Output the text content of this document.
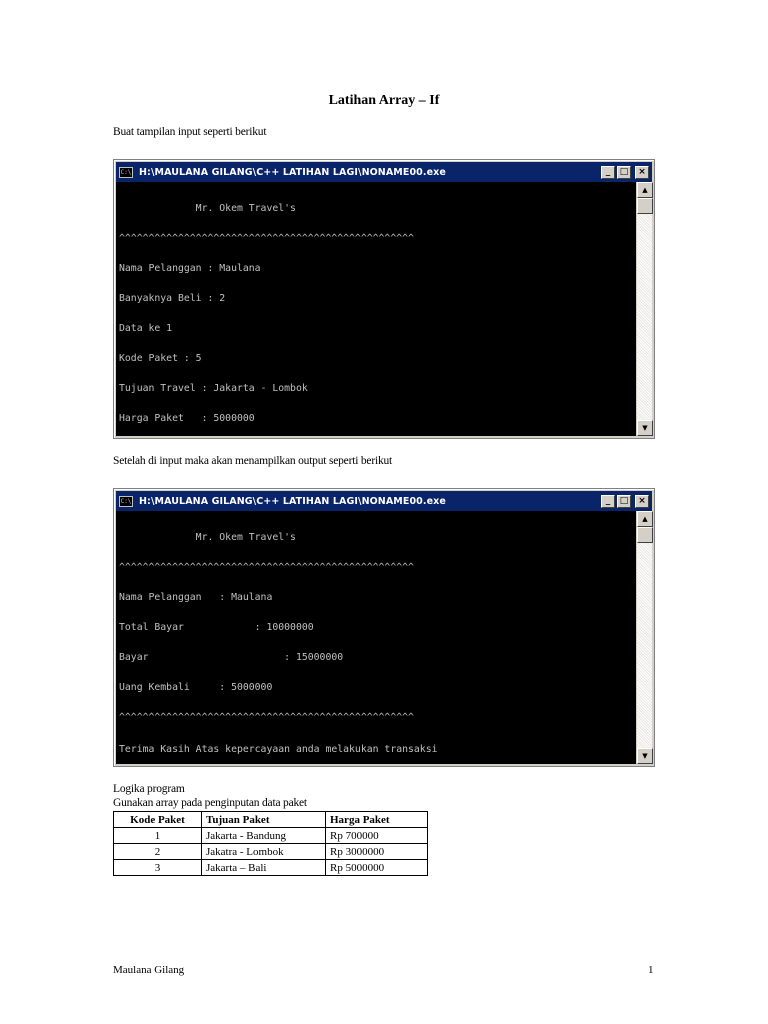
Latihan Array – If
Buat tampilan input seperti berikut
C:\ H:\MAULANA GILANG\C++ LATIHAN LAGI\NONAME00.exe	_	□	×

Mr. Okem Travel's

^^^^^^^^^^^^^^^^^^^^^^^^^^^^^^^^^^^^^^^^^^^^^^^^^^

Nama Pelanggan : Maulana

Banyaknya Beli : 2

Data ke 1

Kode Paket : 5

Tujuan Travel : Jakarta - Lombok

Harga Paket   : 5000000

▲
▼
Setelah di input maka akan menampilkan output seperti berikut
C:\ H:\MAULANA GILANG\C++ LATIHAN LAGI\NONAME00.exe	_	□	×

Mr. Okem Travel's

^^^^^^^^^^^^^^^^^^^^^^^^^^^^^^^^^^^^^^^^^^^^^^^^^^

Nama Pelanggan   : Maulana

Total Bayar            : 10000000

Bayar                       : 15000000

Uang Kembali     : 5000000

^^^^^^^^^^^^^^^^^^^^^^^^^^^^^^^^^^^^^^^^^^^^^^^^^^

Terima Kasih Atas kepercayaan anda melakukan transaksi

▲
▼
Logika program
Gunakan array pada penginputan data paket
Kode Paket	Tujuan Paket	Harga Paket
1	Jakarta - Bandung	Rp 700000
2	Jakatra - Lombok	Rp 3000000
3	Jakarta – Bali	Rp 5000000
Maulana Gilang	1
